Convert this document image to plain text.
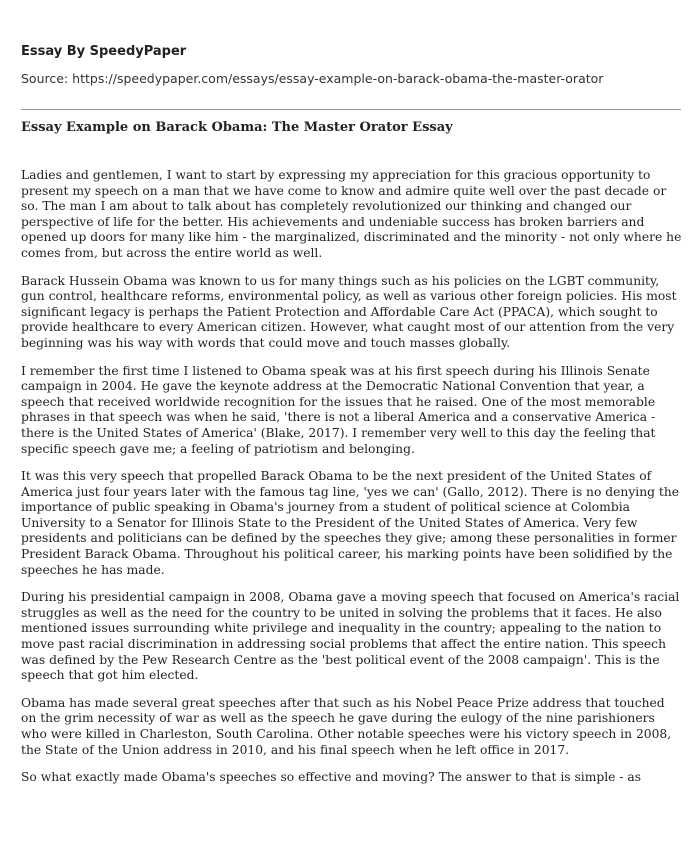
Essay By SpeedyPaper
Source: https://speedypaper.com/essays/essay-example-on-barack-obama-the-master-orator
Essay Example on Barack Obama: The Master Orator Essay

Ladies and gentlemen, I want to start by expressing my appreciation for this gracious opportunity to present my speech on a man that we have come to know and admire quite well over the past decade or so. The man I am about to talk about has completely revolutionized our thinking and changed our perspective of life for the better. His achievements and undeniable success has broken barriers and opened up doors for many like him - the marginalized, discriminated and the minority - not only where he comes from, but across the entire world as well.

Barack Hussein Obama was known to us for many things such as his policies on the LGBT community, gun control, healthcare reforms, environmental policy, as well as various other foreign policies. His most significant legacy is perhaps the Patient Protection and Affordable Care Act (PPACA), which sought to provide healthcare to every American citizen. However, what caught most of our attention from the very beginning was his way with words that could move and touch masses globally.

I remember the first time I listened to Obama speak was at his first speech during his Illinois Senate campaign in 2004. He gave the keynote address at the Democratic National Convention that year, a speech that received worldwide recognition for the issues that he raised. One of the most memorable phrases in that speech was when he said, 'there is not a liberal America and a conservative America - there is the United States of America' (Blake, 2017). I remember very well to this day the feeling that specific speech gave me; a feeling of patriotism and belonging.

It was this very speech that propelled Barack Obama to be the next president of the United States of America just four years later with the famous tag line, 'yes we can' (Gallo, 2012). There is no denying the importance of public speaking in Obama's journey from a student of political science at Colombia University to a Senator for Illinois State to the President of the United States of America. Very few presidents and politicians can be defined by the speeches they give; among these personalities in former President Barack Obama. Throughout his political career, his marking points have been solidified by the speeches he has made.

During his presidential campaign in 2008, Obama gave a moving speech that focused on America's racial struggles as well as the need for the country to be united in solving the problems that it faces. He also mentioned issues surrounding white privilege and inequality in the country; appealing to the nation to move past racial discrimination in addressing social problems that affect the entire nation. This speech was defined by the Pew Research Centre as the 'best political event of the 2008 campaign'. This is the speech that got him elected.

Obama has made several great speeches after that such as his Nobel Peace Prize address that touched on the grim necessity of war as well as the speech he gave during the eulogy of the nine parishioners who were killed in Charleston, South Carolina. Other notable speeches were his victory speech in 2008, the State of the Union address in 2010, and his final speech when he left office in 2017.

So what exactly made Obama's speeches so effective and moving? The answer to that is simple - as
